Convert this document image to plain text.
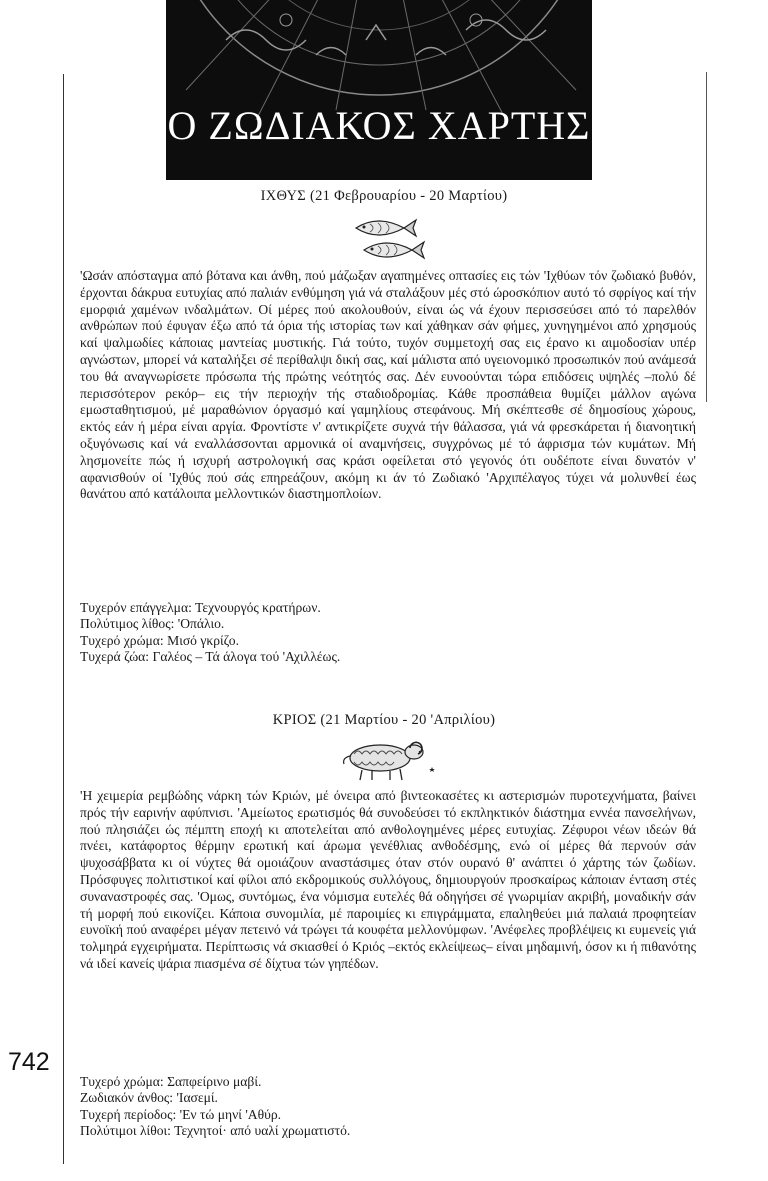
Ο ΖΩΔΙΑΚΟΣ ΧΑΡΤΗΣ
ΙΧΘΥΣ (21 Φεβρουαρίου - 20 Μαρτίου)
'Ωσάν απόσταγμα από βότανα και άνθη, πού μάζωξαν αγαπημένες οπτασίες εις τών 'Ιχθύων τόν ζωδιακό βυθόν, έρχονται δάκρυα ευτυχίας από παλιάν ενθύμηση γιά νά σταλάξουν μές στό ώροσκόπιον αυτό τό σφρίγος καί τήν εμορφιά χαμένων ινδαλμάτων. Οί μέρες πού ακολουθούν, είναι ώς νά έχουν περισσεύσει από τό παρελθόν ανθρώπων πού έφυγαν έξω από τά όρια τής ιστορίας των καί χάθηκαν σάν φήμες, χυνηγημένοι από χρησμούς καί ψαλμωδίες κάποιας μαντείας μυστικής. Γιά τούτο, τυχόν συμμετοχή σας εις έρανο κι αιμοδοσίαν υπέρ αγνώστων, μπορεί νά καταλήξει σέ περίθαλψι δική σας, καί μάλιστα από υγειονομικό προσωπικόν πού ανάμεσά του θά αναγνωρίσετε πρόσωπα τής πρώτης νεότητός σας. Δέν ευνοούνται τώρα επιδόσεις υψηλές –πολύ δέ περισσότερον ρεκόρ– εις τήν περιοχήν τής σταδιοδρομίας. Κάθε προσπάθεια θυμίζει μάλλον αγώνα εμωσταθητισμού, μέ μαραθώνιον όργασμό καί γαμηλίους στεφάνους. Μή σκέπτεσθε σέ δημοσίους χώρους, εκτός εάν ή μέρα είναι αργία. Φροντίστε ν' αντικρίζετε συχνά τήν θάλασσα, γιά νά φρεσκάρεται ή διανοητική οξυγόνωσις καί νά εναλλάσσονται αρμονικά οί αναμνήσεις, συγχρόνως μέ τό άφρισμα τών κυμάτων. Μή λησμονείτε πώς ή ισχυρή αστρολογική σας κράσι οφείλεται στό γεγονός ότι ουδέποτε είναι δυνατόν ν' αφανισθούν οί 'Ιχθύς πού σάς επηρεάζουν, ακόμη κι άν τό Ζωδιακό 'Αρχιπέλαγος τύχει νά μολυνθεί έως θανάτου από κατάλοιπα μελλοντικών διαστημοπλοίων.
Τυχερόν επάγγελμα: Τεχνουργός κρατήρων.
Πολύτιμος λίθος: 'Οπάλιο.
Τυχερό χρώμα: Μισό γκρίζο.
Τυχερά ζώα: Γαλέος – Τά άλογα τού 'Αχιλλέως.
ΚΡΙΟΣ (21 Μαρτίου - 20 'Απριλίου)
'Η χειμερία ρεμβώδης νάρκη τών Κριών, μέ όνειρα από βιντεοκασέτες κι αστερισμών πυροτεχνήματα, βαίνει πρός τήν εαρινήν αφύπνισι. 'Αμείωτος ερωτισμός θά συνοδεύσει τό εκπληκτικόν διάστημα εννέα πανσελήνων, πού πλησιάζει ώς πέμπτη εποχή κι αποτελείται από ανθολογημένες μέρες ευτυχίας. Ζέφυροι νέων ιδεών θά πνέει, κατάφορτος θέρμην ερωτική καί άρωμα γενέθλιας ανθοδέσμης, ενώ οί μέρες θά περνούν σάν ψυχοσάββατα κι οί νύχτες θά ομοιάζουν αναστάσιμες όταν στόν ουρανό θ' ανάπτει ό χάρτης τών ζωδίων. Πρόσφυγες πολιτιστικοί καί φίλοι από εκδρομικούς συλλόγους, δημιουργούν προσκαίρως κάποιαν ένταση στές συναναστροφές σας. 'Ομως, συντόμως, ένα νόμισμα ευτελές θά οδηγήσει σέ γνωριμίαν ακριβή, μοναδικήν σάν τή μορφή πού εικονίζει. Κάποια συνομιλία, μέ παροιμίες κι επιγράμματα, επαληθεύει μιά παλαιά προφητείαν ευνοϊκή πού αναφέρει μέγαν πετεινό νά τρώγει τά κουφέτα μελλονύμφων. 'Ανέφελες προβλέψεις κι ευμενείς γιά τολμηρά εγχειρήματα. Περίπτωσις νά σκιασθεί ό Κριός –εκτός εκλείψεως– είναι μηδαμινή, όσον κι ή πιθανότης νά ιδεί κανείς ψάρια πιασμένα σέ δίχτυα τών γηπέδων.
Τυχερό χρώμα: Σαπφείρινο μαβί.
Ζωδιακόν άνθος: 'Ιασεμί.
Τυχερή περίοδος: 'Εν τώ μηνί 'Αθύρ.
Πολύτιμοι λίθοι: Τεχνητοί· από υαλί χρωματιστό.
742
